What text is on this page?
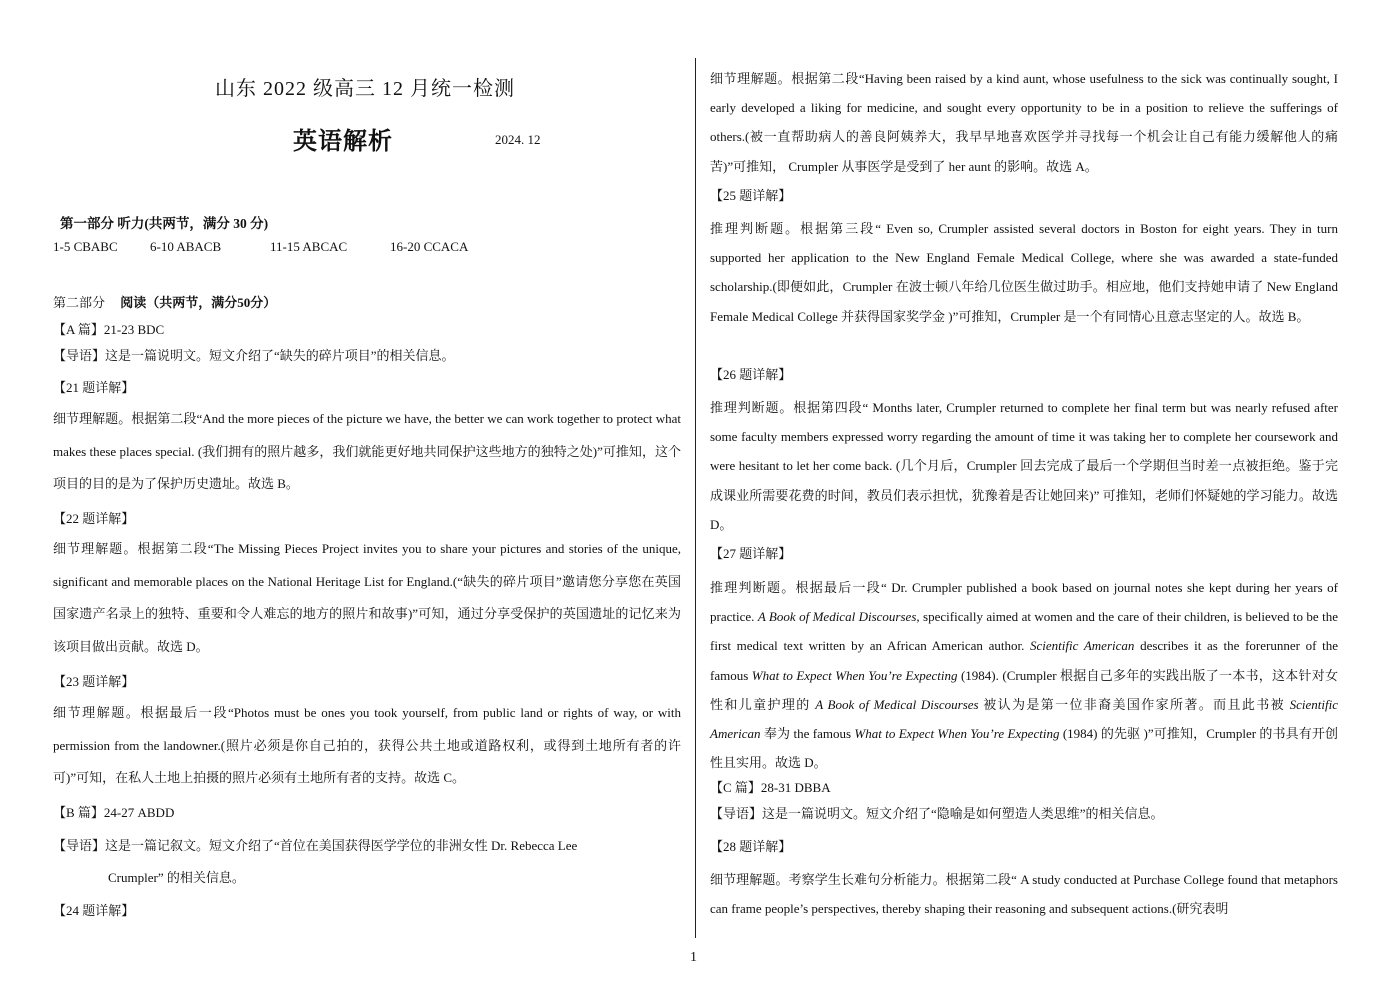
山东 2022 级高三 12 月统一检测
英语解析	2024. 12
第一部分 听力(共两节，满分 30 分)
1-5 CBABC 6-10 ABACB	11-15 ABCAC	16-20 CCACA
第二部分 阅读（共两节，满分50分）
【A 篇】21-23 BDC
【导语】这是一篇说明文。短文介绍了“缺失的碎片项目”的相关信息。
【21 题详解】
细节理解题。根据第二段“And the more pieces of the picture we have, the better we can work together to protect what makes these places special. (我们拥有的照片越多，我们就能更好地共同保护这些地方的独特之处)”可推知，这个项目的目的是为了保护历史遗址。故选 B。
【22 题详解】
细节理解题。根据第二段“The Missing Pieces Project invites you to share your pictures and stories of the unique, significant and memorable places on the National Heritage List for England.(“缺失的碎片项目”邀请您分享您在英国国家遗产名录上的独特、重要和令人难忘的地方的照片和故事)”可知，通过分享受保护的英国遗址的记忆来为该项目做出贡献。故选 D。
【23 题详解】
细节理解题。根据最后一段“Photos must be ones you took yourself, from public land or rights of way, or with permission from the landowner.(照片必须是你自己拍的，获得公共土地或道路权利，或得到土地所有者的许可)”可知，在私人土地上拍摄的照片必须有土地所有者的支持。故选 C。
【B 篇】24-27 ABDD
【导语】这是一篇记叙文。短文介绍了“首位在美国获得医学学位的非洲女性 Dr. Rebecca Lee
Crumpler” 的相关信息。
【24 题详解】
细节理解题。根据第二段“Having been raised by a kind aunt, whose usefulness to the sick was continually sought, I early developed a liking for medicine, and sought every opportunity to be in a position to relieve the sufferings of others.(被一直帮助病人的善良阿姨养大，我早早地喜欢医学并寻找每一个机会让自己有能力缓解他人的痛苦)”可推知， Crumpler 从事医学是受到了 her aunt 的影响。故选 A。
【25 题详解】
推理判断题。根据第三段“ Even so, Crumpler assisted several doctors in Boston for eight years. They in turn supported her application to the New England Female Medical College, where she was awarded a state-funded scholarship.(即便如此，Crumpler 在波士顿八年给几位医生做过助手。相应地，他们支持她申请了 New England Female Medical College 并获得国家奖学金 )”可推知，Crumpler 是一个有同情心且意志坚定的人。故选 B。
【26 题详解】
推理判断题。根据第四段“ Months later, Crumpler returned to complete her final term but was nearly refused after some faculty members expressed worry regarding the amount of time it was taking her to complete her coursework and were hesitant to let her come back. (几个月后，Crumpler 回去完成了最后一个学期但当时差一点被拒绝。鉴于完成课业所需要花费的时间，教员们表示担忧，犹豫着是否让她回来)” 可推知，老师们怀疑她的学习能力。故选 D。
【27 题详解】
推理判断题。根据最后一段“ Dr. Crumpler published a book based on journal notes she kept during her years of practice. A Book of Medical Discourses, specifically aimed at women and the care of their children, is believed to be the first medical text written by an African American author. Scientific American describes it as the forerunner of the famous What to Expect When You’re Expecting (1984). (Crumpler 根据自己多年的实践出版了一本书，这本针对女性和儿童护理的 A Book of Medical Discourses 被认为是第一位非裔美国作家所著。而且此书被 Scientific American 奉为 the famous What to Expect When You’re Expecting (1984) 的先驱 )”可推知，Crumpler 的书具有开创性且实用。故选 D。
【C 篇】28-31 DBBA
【导语】这是一篇说明文。短文介绍了“隐喻是如何塑造人类思维”的相关信息。
【28 题详解】
细节理解题。考察学生长难句分析能力。根据第二段“ A study conducted at Purchase College found that metaphors can frame people’s perspectives, thereby shaping their reasoning and subsequent actions.(研究表明
1
